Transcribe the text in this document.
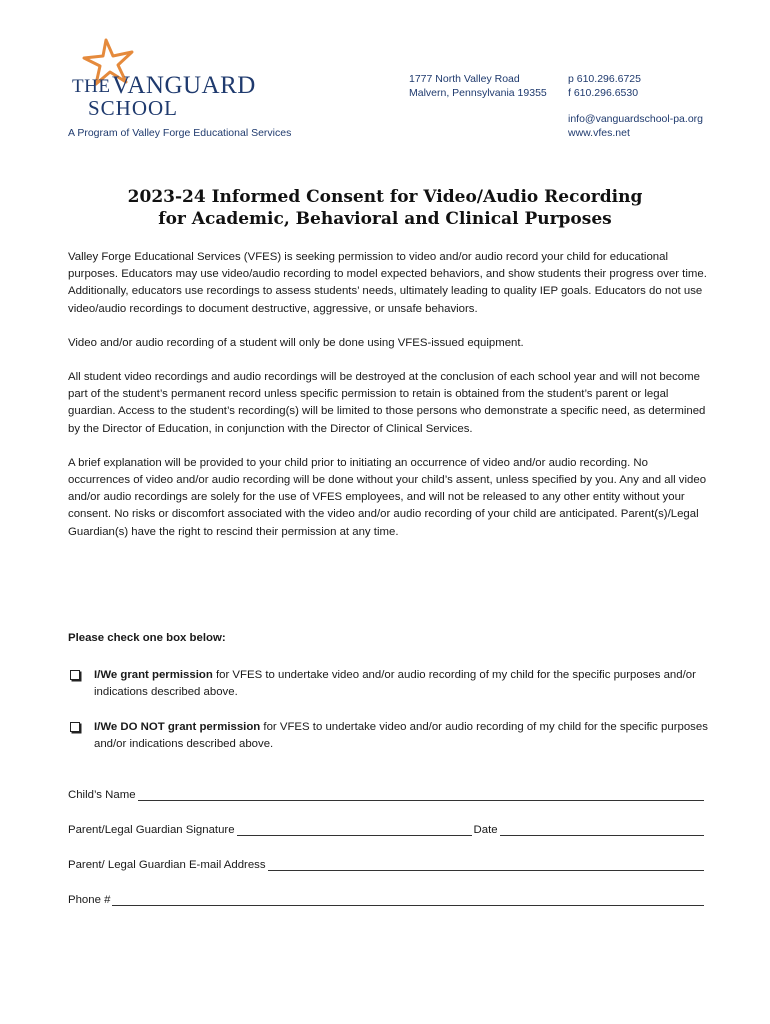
THE VANGUARD
SCHOOL
A Program of Valley Forge Educational Services
1777 North Valley Road
Malvern, Pennsylvania 19355
p 610.296.6725
f 610.296.6530
info@vanguardschool-pa.org
www.vfes.net
2023-24 Informed Consent for Video/Audio Recording
for Academic, Behavioral and Clinical Purposes

Valley Forge Educational Services (VFES) is seeking permission to video and/or audio record your child for educational purposes. Educators may use video/audio recording to model expected behaviors, and show students their progress over time. Additionally, educators use recordings to assess students’ needs, ultimately leading to quality IEP goals. Educators do not use video/audio recordings to document destructive, aggressive, or unsafe behaviors.

Video and/or audio recording of a student will only be done using VFES-issued equipment.

All student video recordings and audio recordings will be destroyed at the conclusion of each school year and will not become part of the student’s permanent record unless specific permission to retain is obtained from the student’s parent or legal guardian. Access to the student’s recording(s) will be limited to those persons who demonstrate a specific need, as determined by the Director of Education, in conjunction with the Director of Clinical Services.

A brief explanation will be provided to your child prior to initiating an occurrence of video and/or audio recording. No occurrences of video and/or audio recording will be done without your child’s assent, unless specified by you. Any and all video and/or audio recordings are solely for the use of VFES employees, and will not be released to any other entity without your consent. No risks or discomfort associated with the video and/or audio recording of your child are anticipated. Parent(s)/Legal Guardian(s) have the right to rescind their permission at any time.

Please check one box below:
I/We grant permission for VFES to undertake video and/or audio recording of my child for the specific purposes and/or indications described above.
I/We DO NOT grant permission for VFES to undertake video and/or audio recording of my child for the specific purposes and/or indications described above.
Child’s Name
Parent/Legal Guardian Signature	Date
Parent/ Legal Guardian E-mail Address
Phone #
